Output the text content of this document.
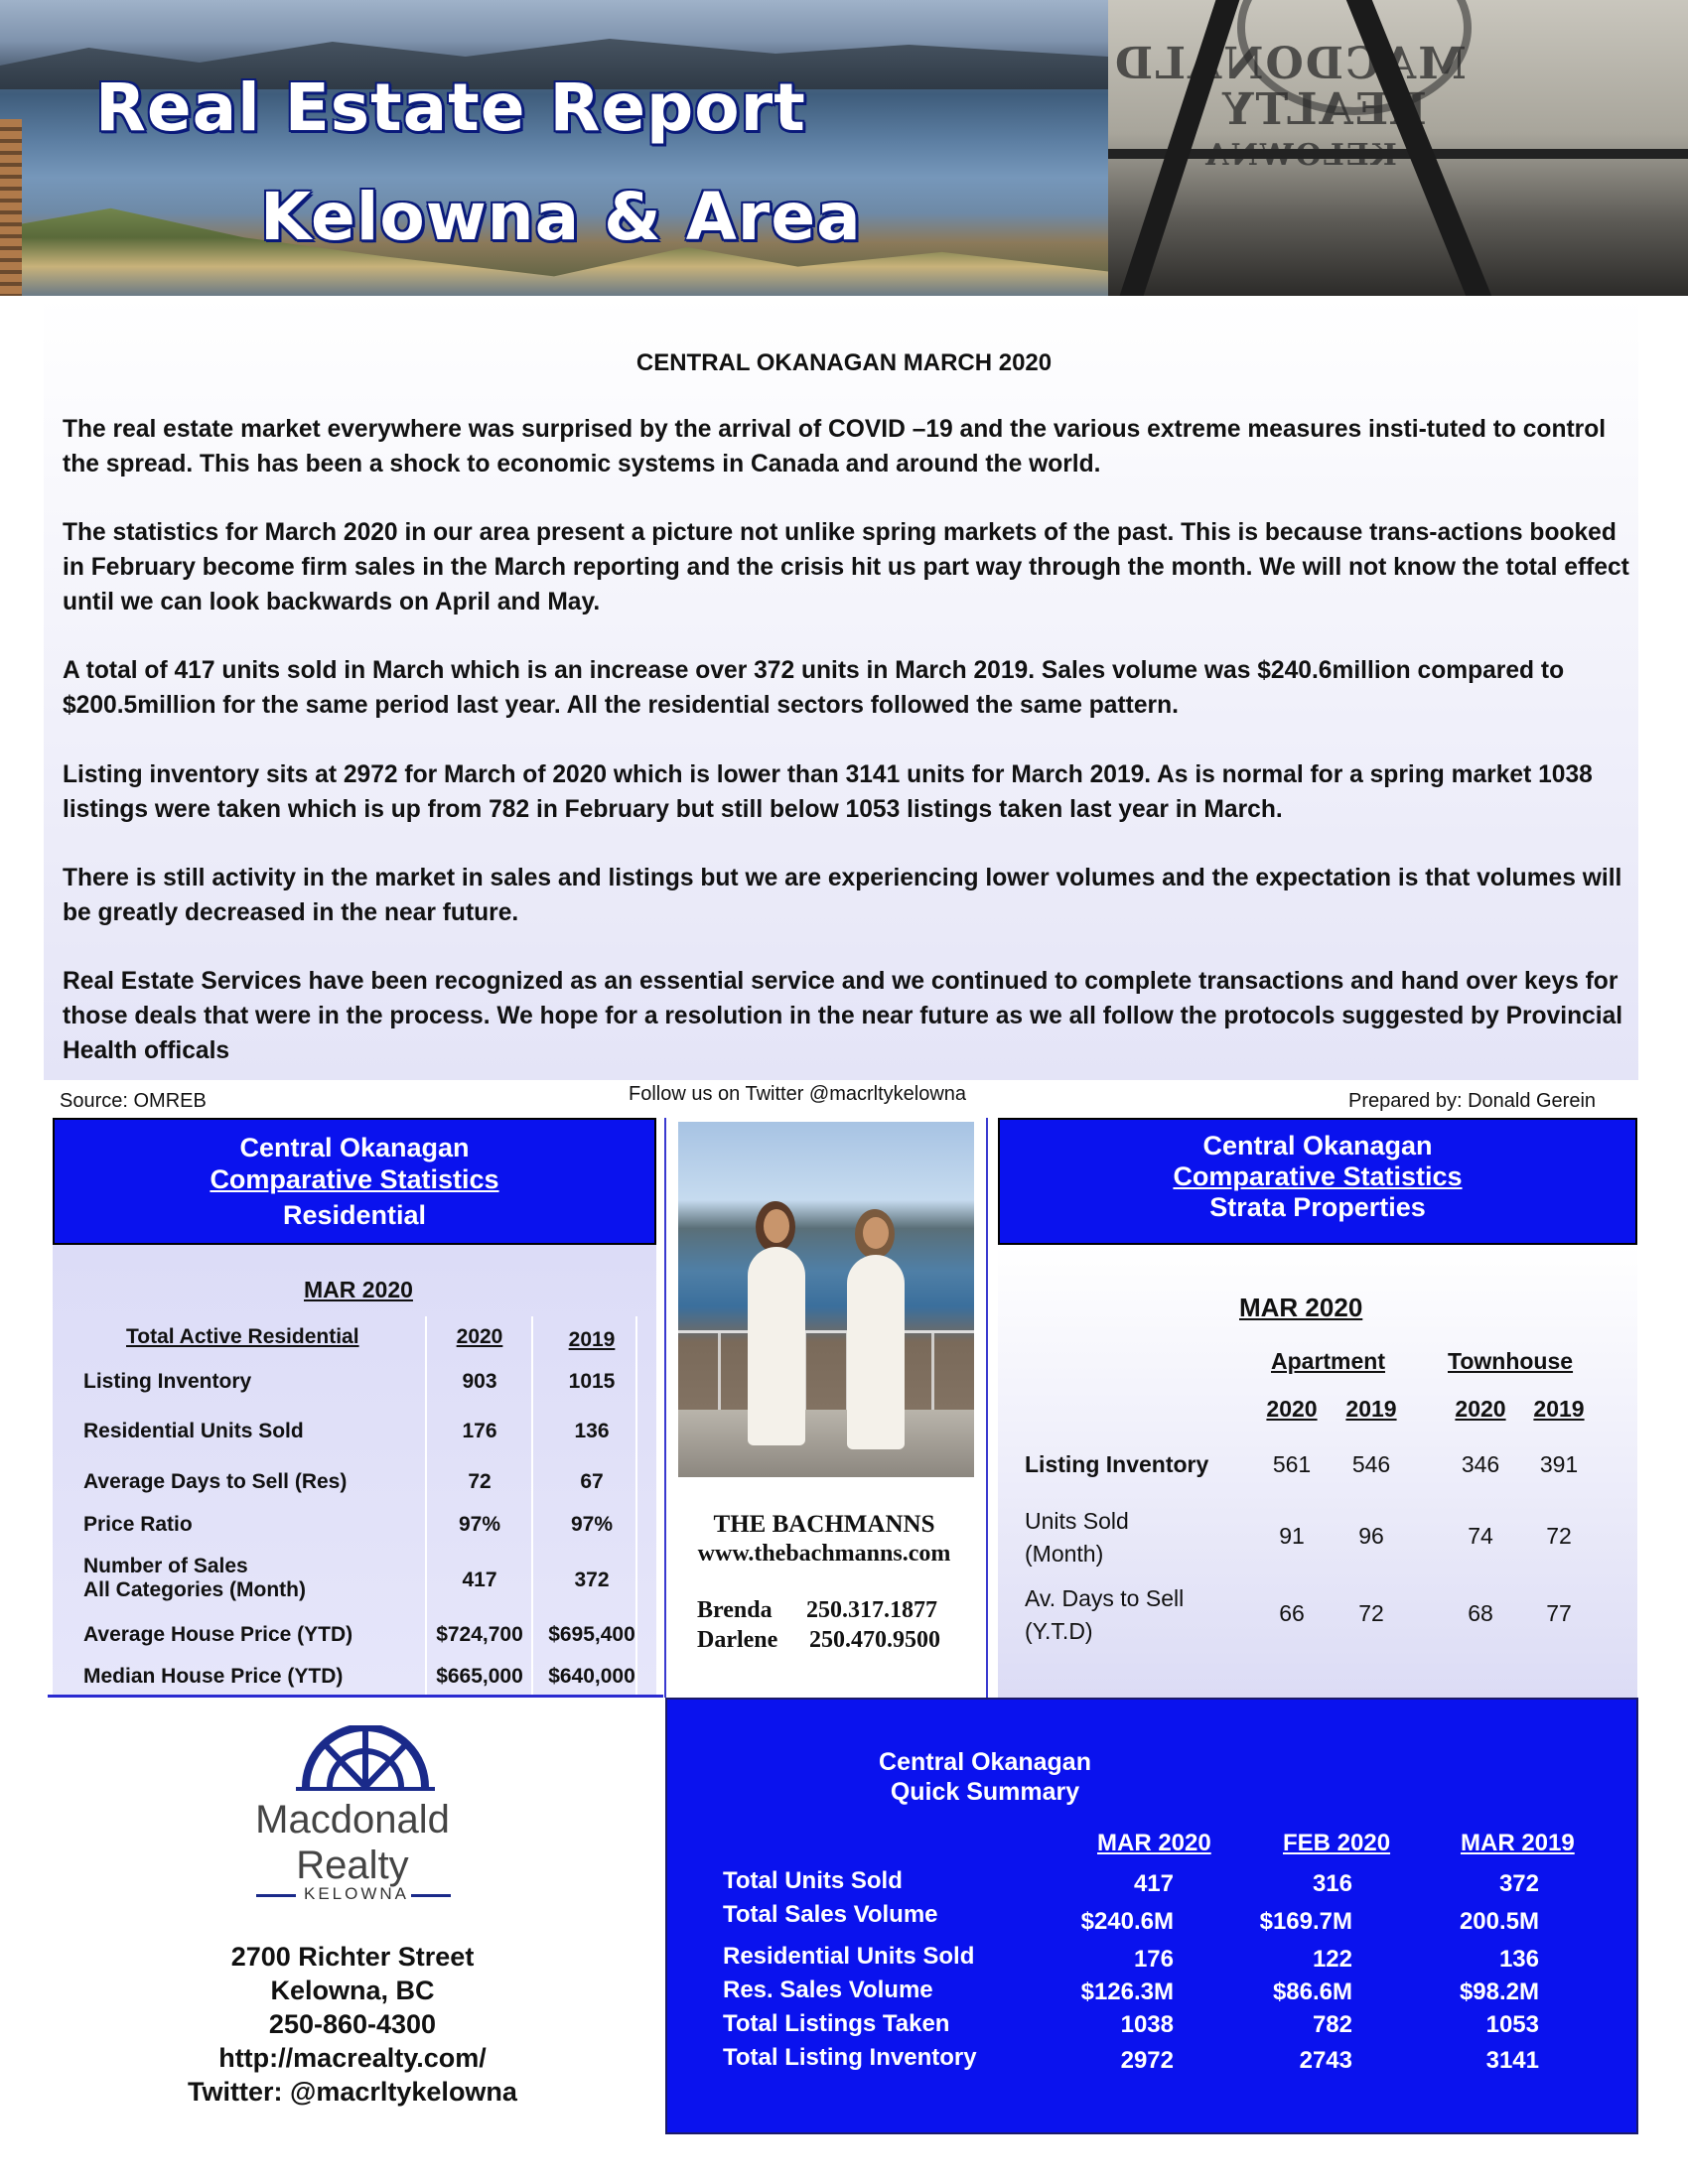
Real Estate Report
Kelowna & Area
MACDONALD
REALTY
CENTRAL OKANAGAN MARCH 2020
The real estate market everywhere was surprised by the arrival of COVID –19 and the various extreme measures insti-tuted to control the spread. This has been a shock to economic systems in Canada and around the world.
The statistics for March 2020 in our area present a picture not unlike spring markets of the past. This is because trans-actions booked in February become firm sales in the March reporting and the crisis hit us part way through the month. We will not know the total effect until we can look backwards on April and May.
A total of 417 units sold in March which is an increase over 372 units in March 2019. Sales volume was $240.6million compared to $200.5million for the same period last year. All the residential sectors followed the same pattern.
Listing inventory sits at 2972 for March of 2020 which is lower than 3141 units for March 2019. As is normal for a spring market 1038 listings were taken which is up from 782 in February but still below 1053 listings taken last year in March.
There is still activity in the market in sales and listings but we are experiencing lower volumes and the expectation is that volumes will be greatly decreased in the near future.
Real Estate Services have been recognized as an essential service and we continued to complete transactions and hand over keys for those deals that were in the process. We hope for a resolution in the near future as we all follow the protocols suggested by Provincial Health officals
Source: OMREB	Follow us on Twitter @macrltykelowna	Prepared by: Donald Gerein
Central Okanagan
Comparative Statistics
Residential
MAR 2020
Total Active Residential	2020	2019
Listing Inventory	903	1015
Residential Units Sold	176	136
Average Days to Sell (Res)	72	67
Price Ratio	97%	97%
Number of Sales
All Categories (Month)	417	372
Average House Price (YTD)	$724,700	$695,400
Median House Price (YTD)	$665,000	$640,000
THE BACHMANNS
www.thebachmanns.com
Brenda 250.317.1877
Darlene 250.470.9500
Central Okanagan
Comparative Statistics
Strata Properties
MAR 2020
Apartment	Townhouse
2020 2019	2020 2019
Listing Inventory	561	546	346	391
Units Sold
(Month)
91	96	74	72
Av. Days to Sell
(Y.T.D)
66	72	68	77
Macdonald
Realty
KELOWNA
2700 Richter Street
Kelowna, BC
250-860-4300
http://macrealty.com/
Twitter: @macrltykelowna
Central Okanagan
Quick Summary
MAR 2020	FEB 2020	MAR 2019
Total Units Sold	417	316	372
Total Sales Volume	$240.6M	$169.7M	200.5M
Residential Units Sold	176	122	136
Res. Sales Volume	$126.3M	$86.6M	$98.2M
Total Listings Taken	1038	782	1053
Total Listing Inventory	2972	2743	3141
